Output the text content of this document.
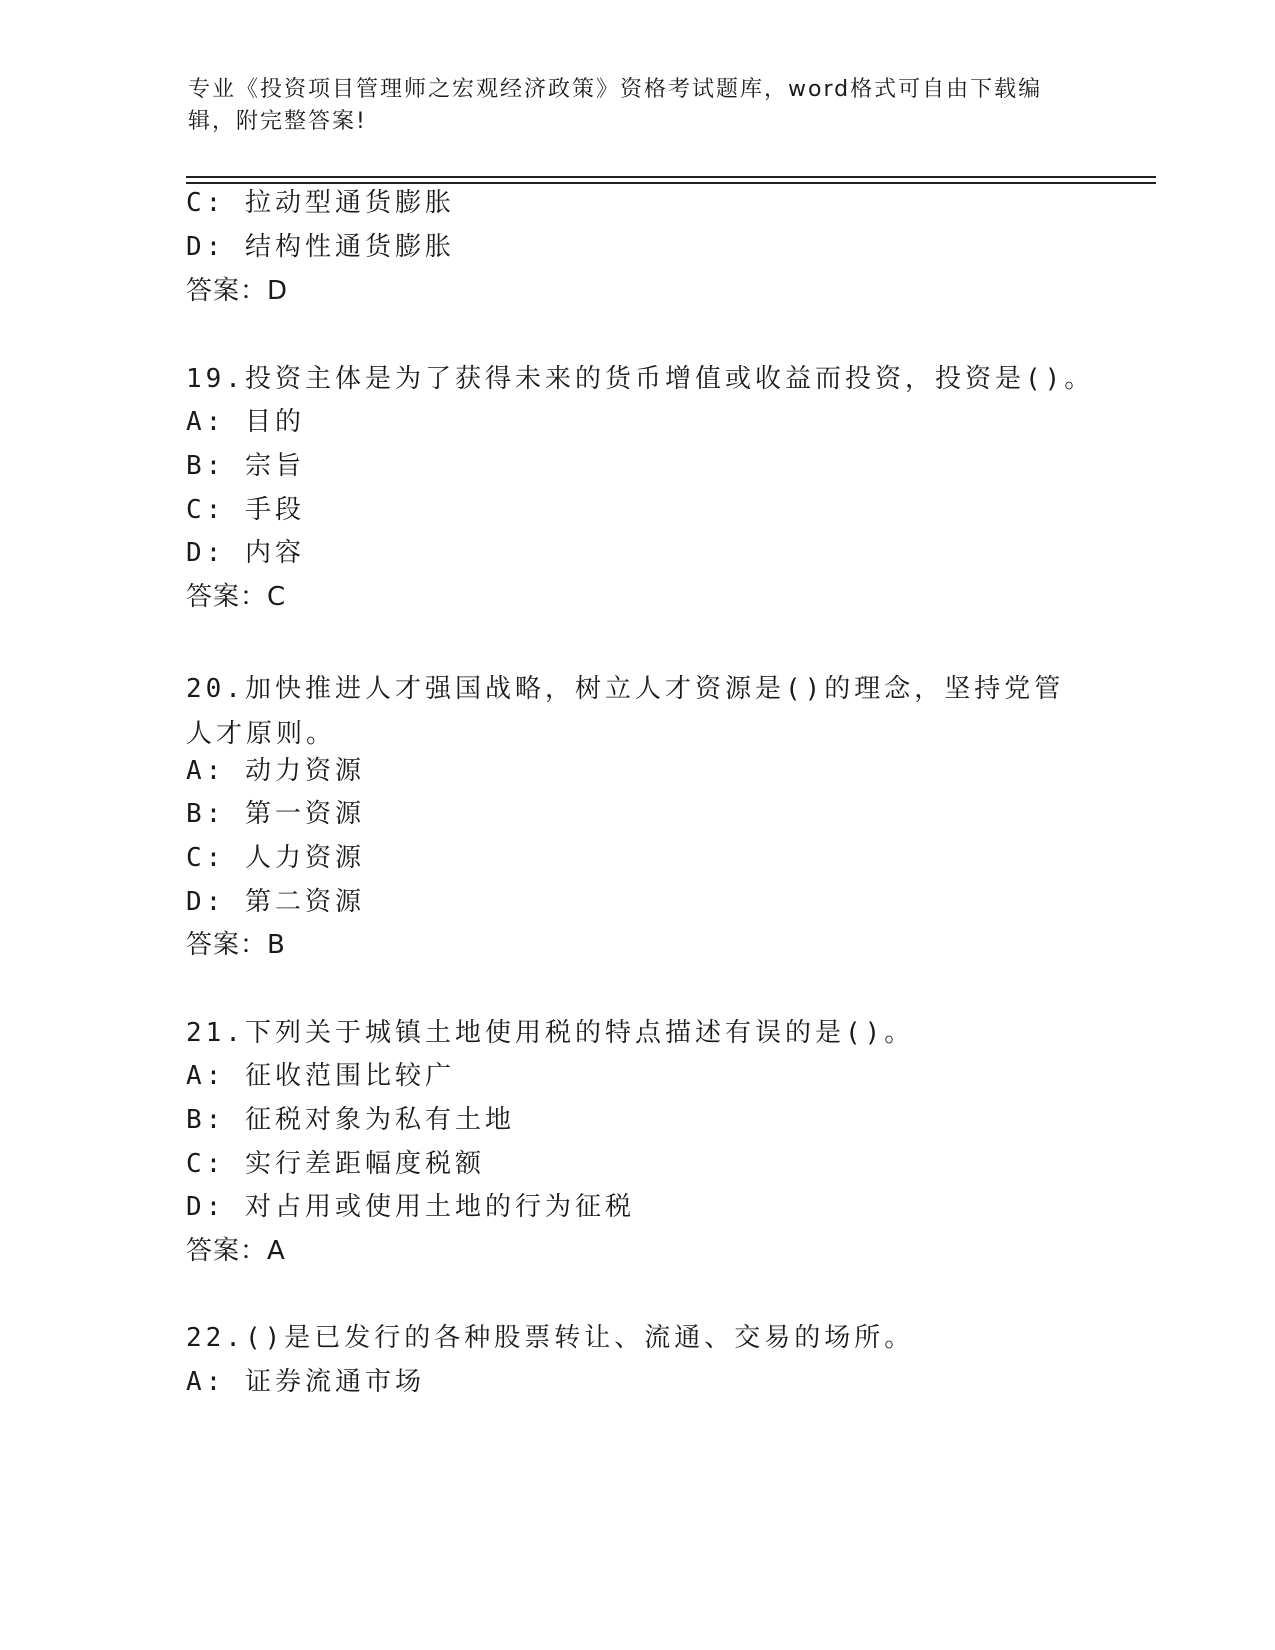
专业《投资项目管理师之宏观经济政策》资格考试题库，word格式可自由下载编辑，附完整答案!
C: 拉动型通货膨胀
D: 结构性通货膨胀
答案：D
19.投资主体是为了获得未来的货币增值或收益而投资，投资是()。
A: 目的
B: 宗旨
C: 手段
D: 内容
答案：C
20.加快推进人才强国战略，树立人才资源是()的理念，坚持党管人才原则。
A: 动力资源
B: 第一资源
C: 人力资源
D: 第二资源
答案：B
21.下列关于城镇土地使用税的特点描述有误的是()。
A: 征收范围比较广
B: 征税对象为私有土地
C: 实行差距幅度税额
D: 对占用或使用土地的行为征税
答案：A
22.()是已发行的各种股票转让、流通、交易的场所。
A: 证券流通市场
